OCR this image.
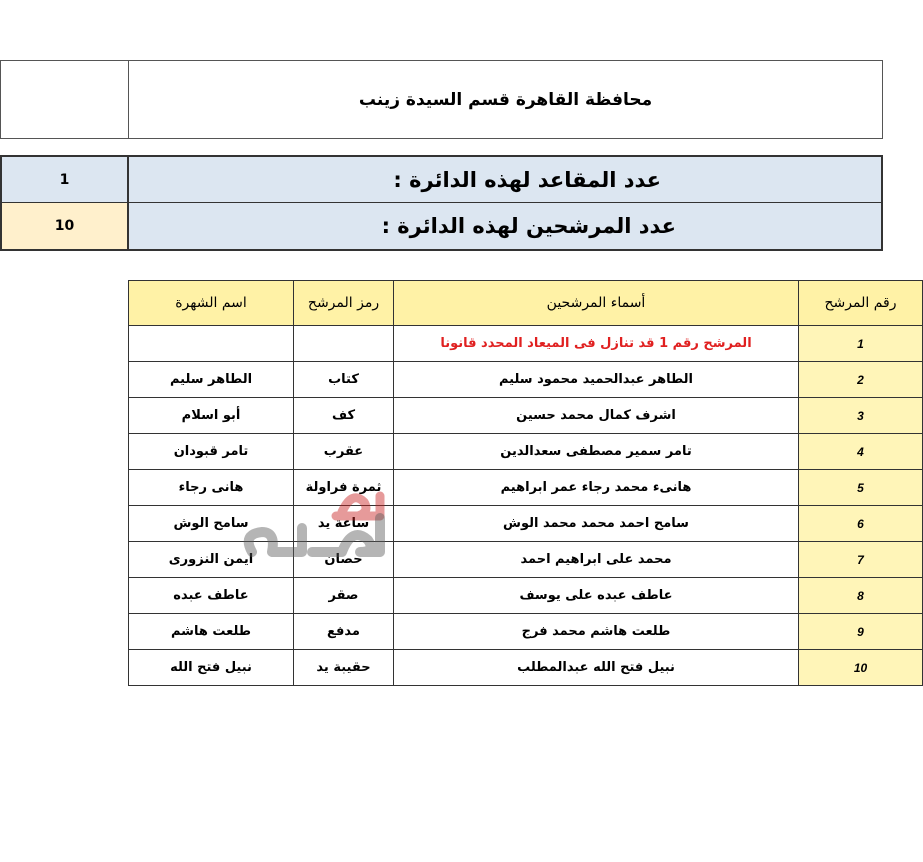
محافظة القاهرة قسم السيدة زينب
1	عدد المقاعد لهذه الدائرة :
10	عدد المرشحين لهذه الدائرة :
رقم المرشح	أسماء المرشحين	رمز المرشح	اسم الشهرة
1	المرشح رقم 1 قد تنازل فى الميعاد المحدد قانونا		
2	الطاهر عبدالحميد محمود سليم	كتاب	الطاهر سليم
3	اشرف كمال محمد حسين	كف	أبو اسلام
4	تامر سمير مصطفى سعدالدين	عقرب	تامر قبودان
5	هانىء محمد رجاء عمر ابراهيم	ثمرة فراولة	هانى رجاء
6	سامح احمد محمد محمد الوش	ساعة يد	سامح الوش
7	محمد على ابراهيم احمد	حصان	ايمن النزورى
8	عاطف عبده على يوسف	صقر	عاطف عبده
9	طلعت هاشم محمد فرج	مدفع	طلعت هاشم
10	نبيل فتح الله عبدالمطلب	حقيبة يد	نبيل فتح الله
